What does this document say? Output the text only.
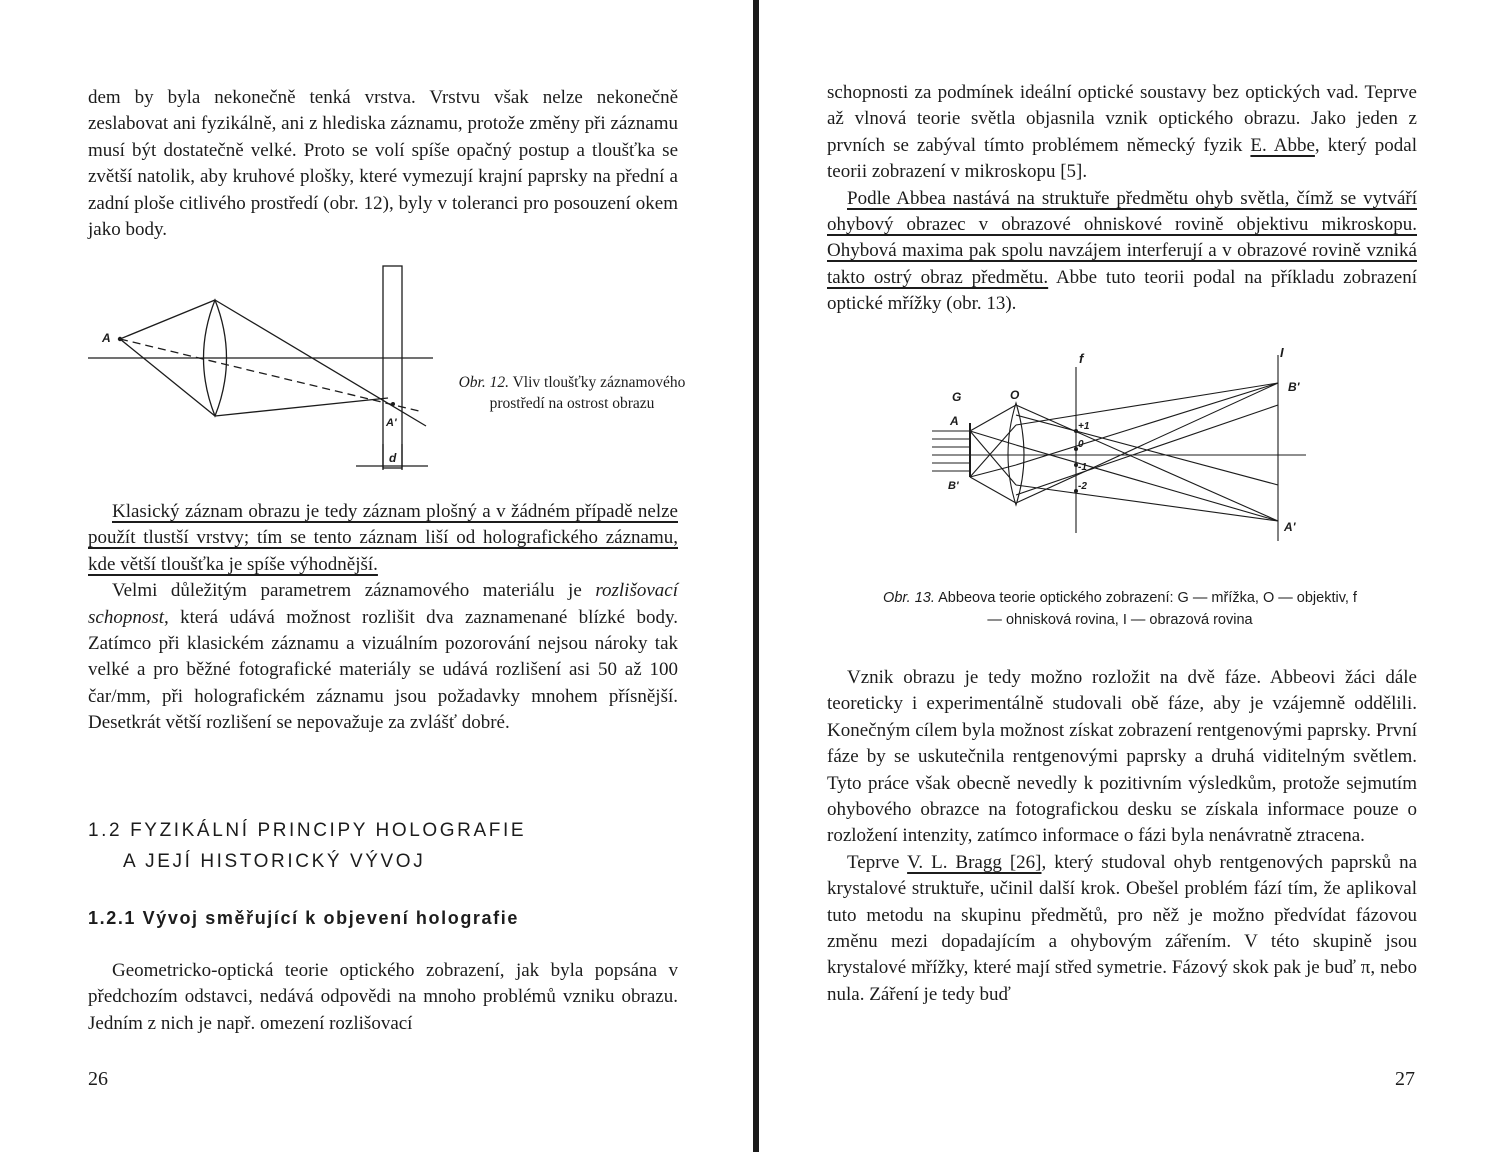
dem by byla nekonečně tenká vrstva. Vrstvu však nelze nekonečně zeslabovat ani fyzikálně, ani z hlediska záznamu, protože změny při záznamu musí být dostatečně velké. Proto se volí spíše opačný postup a tloušťka se zvětší natolik, aby kruhové plošky, které vymezují krajní paprsky na přední a zadní ploše citlivého prostředí (obr. 12), byly v toleranci pro posouzení okem jako body.

A
A'
d
Obr. 12. Vliv tloušťky záznamového prostředí na ostrost obrazu

Klasický záznam obrazu je tedy záznam plošný a v žádném případě nelze použít tlustší vrstvy; tím se tento záznam liší od holografického záznamu, kde větší tloušťka je spíše výhodnější.

Velmi důležitým parametrem záznamového materiálu je rozlišovací schopnost, která udává možnost rozlišit dva zaznamenané blízké body. Zatímco při klasickém záznamu a vizuálním pozorování nejsou nároky tak velké a pro běžné fotografické materiály se udává rozlišení asi 50 až 100 čar/mm, při holografickém záznamu jsou požadavky mnohem přísnější. Desetkrát větší rozlišení se nepovažuje za zvlášť dobré.

1.2 FYZIKÁLNÍ PRINCIPY HOLOGRAFIE
A JEJÍ HISTORICKÝ VÝVOJ
1.2.1 Vývoj směřující k objevení holografie

Geometricko-optická teorie optického zobrazení, jak byla popsána v předchozím odstavci, nedává odpovědi na mnoho problémů vzniku obrazu. Jedním z nich je např. omezení rozlišovací

26

schopnosti za podmínek ideální optické soustavy bez optických vad. Teprve až vlnová teorie světla objasnila vznik optického obrazu. Jako jeden z prvních se zabýval tímto problémem německý fyzik E. Abbe, který podal teorii zobrazení v mikroskopu [5].

Podle Abbea nastává na struktuře předmětu ohyb světla, čímž se vytváří ohybový obrazec v obrazové ohniskové rovině objektivu mikroskopu. Ohybová maxima pak spolu navzájem interferují a v obrazové rovině vzniká takto ostrý obraz předmětu. Abbe tuto teorii podal na příkladu zobrazení optické mřížky (obr. 13).

G	O
f	I
A
B'
B'
A'
+1
0
-1
-2
Obr. 13. Abbeova teorie optického zobrazení: G — mřížka, O — objektiv, f — ohnisková rovina, I — obrazová rovina

Vznik obrazu je tedy možno rozložit na dvě fáze. Abbeovi žáci dále teoreticky i experimentálně studovali obě fáze, aby je vzájemně oddělili. Konečným cílem byla možnost získat zobrazení rentgenovými paprsky. První fáze by se uskutečnila rentgenovými paprsky a druhá viditelným světlem. Tyto práce však obecně nevedly k pozitivním výsledkům, protože sejmutím ohybového obrazce na fotografickou desku se získala informace pouze o rozložení intenzity, zatímco informace o fázi byla nenávratně ztracena.

Teprve V. L. Bragg [26], který studoval ohyb rentgenových paprsků na krystalové struktuře, učinil další krok. Obešel problém fází tím, že aplikoval tuto metodu na skupinu předmětů, pro něž je možno předvídat fázovou změnu mezi dopadajícím a ohybovým zářením. V této skupině jsou krystalové mřížky, které mají střed symetrie. Fázový skok pak je buď π, nebo nula. Záření je tedy buď

27
